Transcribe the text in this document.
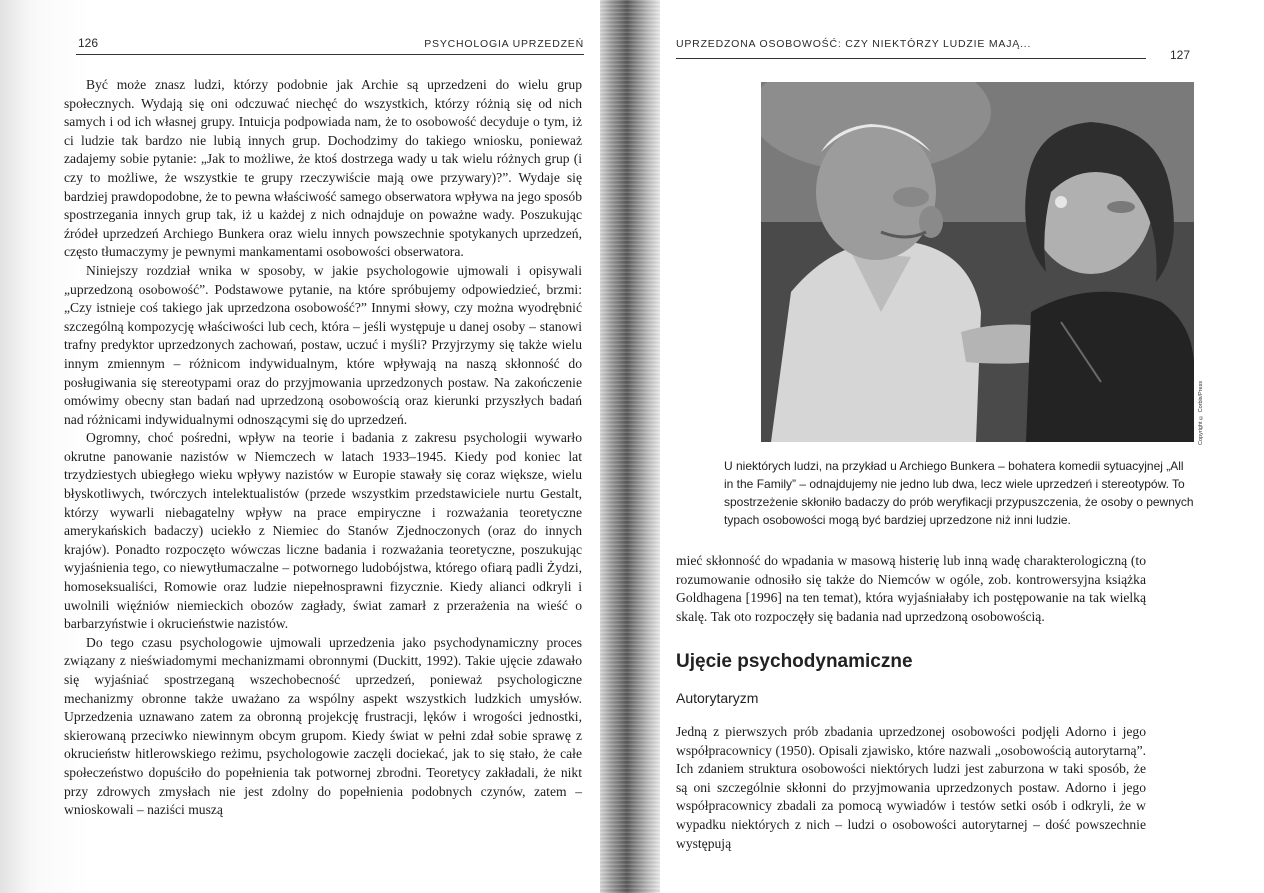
126	PSYCHOLOGIA UPRZEDZEŃ

Być może znasz ludzi, którzy podobnie jak Archie są uprzedzeni do wielu grup społecznych. Wydają się oni odczuwać niechęć do wszystkich, którzy różnią się od nich samych i od ich własnej grupy. Intuicja podpowiada nam, że to osobowość decyduje o tym, iż ci ludzie tak bardzo nie lubią innych grup. Dochodzimy do takiego wniosku, ponieważ zadajemy sobie pytanie: „Jak to możliwe, że ktoś dostrzega wady u tak wielu różnych grup (i czy to możliwe, że wszystkie te grupy rzeczywiście mają owe przywary)?”. Wydaje się bardziej prawdopodobne, że to pewna właściwość samego obserwatora wpływa na jego sposób spostrzegania innych grup tak, iż u każdej z nich odnajduje on poważne wady. Poszukując źródeł uprzedzeń Archiego Bunkera oraz wielu innych powszechnie spotykanych uprzedzeń, często tłumaczymy je pewnymi mankamentami osobowości obserwatora.

Niniejszy rozdział wnika w sposoby, w jakie psychologowie ujmowali i opisywali „uprzedzoną osobowość”. Podstawowe pytanie, na które spróbujemy odpowiedzieć, brzmi: „Czy istnieje coś takiego jak uprzedzona osobowość?” Innymi słowy, czy można wyodrębnić szczególną kompozycję właściwości lub cech, która – jeśli występuje u danej osoby – stanowi trafny predyktor uprzedzonych zachowań, postaw, uczuć i myśli? Przyjrzymy się także wielu innym zmiennym – różnicom indywidualnym, które wpływają na naszą skłonność do posługiwania się stereotypami oraz do przyjmowania uprzedzonych postaw. Na zakończenie omówimy obecny stan badań nad uprzedzoną osobowością oraz kierunki przyszłych badań nad różnicami indywidualnymi odnoszącymi się do uprzedzeń.

Ogromny, choć pośredni, wpływ na teorie i badania z zakresu psychologii wywarło okrutne panowanie nazistów w Niemczech w latach 1933–1945. Kiedy pod koniec lat trzydziestych ubiegłego wieku wpływy nazistów w Europie stawały się coraz większe, wielu błyskotliwych, twórczych intelektualistów (przede wszystkim przedstawiciele nurtu Gestalt, którzy wywarli niebagatelny wpływ na prace empiryczne i rozważania teoretyczne amerykańskich badaczy) uciekło z Niemiec do Stanów Zjednoczonych (oraz do innych krajów). Ponadto rozpoczęto wówczas liczne badania i rozważania teoretyczne, poszukując wyjaśnienia tego, co niewytłumaczalne – potwornego ludobójstwa, którego ofiarą padli Żydzi, homoseksualiści, Romowie oraz ludzie niepełnosprawni fizycznie. Kiedy alianci odkryli i uwolnili więźniów niemieckich obozów zagłady, świat zamarł z przerażenia na wieść o barbarzyństwie i okrucieństwie nazistów.

Do tego czasu psychologowie ujmowali uprzedzenia jako psychodynamiczny proces związany z nieświadomymi mechanizmami obronnymi (Duckitt, 1992). Takie ujęcie zdawało się wyjaśniać spostrzeganą wszechobecność uprzedzeń, ponieważ psychologiczne mechanizmy obronne także uważano za wspólny aspekt wszystkich ludzkich umysłów. Uprzedzenia uznawano zatem za obronną projekcję frustracji, lęków i wrogości jednostki, skierowaną przeciwko niewinnym obcym grupom. Kiedy świat w pełni zdał sobie sprawę z okrucieństw hitlerowskiego reżimu, psychologowie zaczęli dociekać, jak to się stało, że całe społeczeństwo dopuściło do popełnienia tak potwornej zbrodni. Teoretycy zakładali, że nikt przy zdrowych zmysłach nie jest zdolny do popełnienia podobnych czynów, zatem – wnioskowali – naziści muszą

UPRZEDZONA OSOBOWOŚĆ: CZY NIEKTÓRZY LUDZIE MAJĄ...
127
Copyright © Corbis/Press
U niektórych ludzi, na przykład u Archiego Bunkera – bohatera komedii sytuacyjnej „All in the Family” – odnajdujemy nie jedno lub dwa, lecz wiele uprzedzeń i stereotypów. To spostrzeżenie skłoniło badaczy do prób weryfikacji przypuszczenia, że osoby o pewnych typach osobowości mogą być bardziej uprzedzone niż inni ludzie.

mieć skłonność do wpadania w masową histerię lub inną wadę charakterologiczną (to rozumowanie odnosiło się także do Niemców w ogóle, zob. kontrowersyjna książka Goldhagena [1996] na ten temat), która wyjaśniałaby ich postępowanie na tak wielką skalę. Tak oto rozpoczęły się badania nad uprzedzoną osobowością.

Ujęcie psychodynamiczne
Autorytaryzm

Jedną z pierwszych prób zbadania uprzedzonej osobowości podjęli Adorno i jego współpracownicy (1950). Opisali zjawisko, które nazwali „osobowością autorytarną”. Ich zdaniem struktura osobowości niektórych ludzi jest zaburzona w taki sposób, że są oni szczególnie skłonni do przyjmowania uprzedzonych postaw. Adorno i jego współpracownicy zbadali za pomocą wywiadów i testów setki osób i odkryli, że w wypadku niektórych z nich – ludzi o osobowości autorytarnej – dość powszechnie występują
